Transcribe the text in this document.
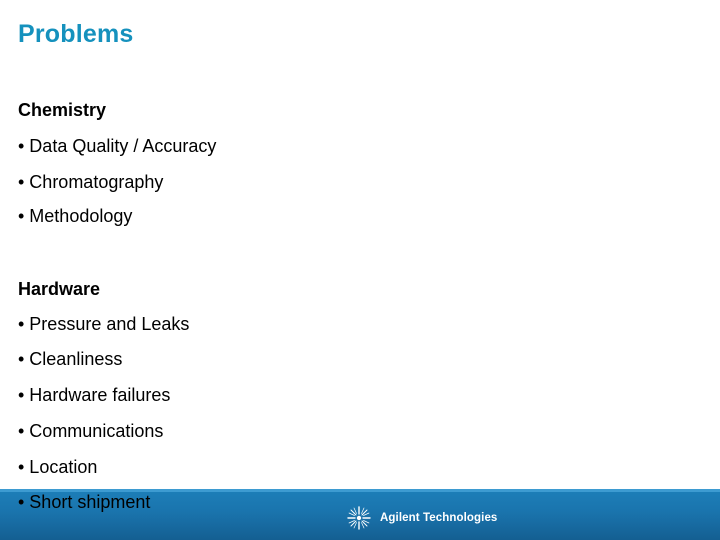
Problems
Chemistry
• Data Quality / Accuracy
• Chromatography
• Methodology
Hardware
• Pressure and Leaks
• Cleanliness
• Hardware failures
• Communications
• Location
• Short shipment
Agilent Technologies
